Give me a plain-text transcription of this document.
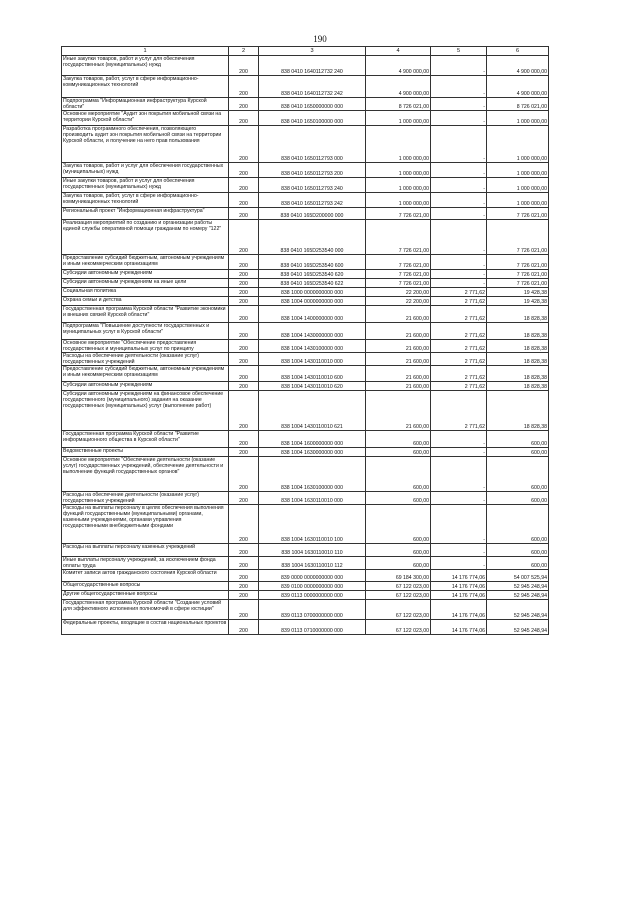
190
1	2	3	4	5	6
Иные закупки товаров, работ и услуг для обеспечения государственных (муниципальных) нужд	200	838 0410 1640112732 240	4 900 000,00	-	4 900 000,00
Закупка товаров, работ, услуг в сфере информационно-коммуникационных технологий	200	838 0410 1640112732 242	4 900 000,00	-	4 900 000,00
Подпрограмма "Информационная инфраструктура Курской области"	200	838 0410 1650000000 000	8 726 021,00	-	8 726 021,00
Основное мероприятие "Аудит зон покрытия мобильной связи на территории Курской области"	200	838 0410 1650100000 000	1 000 000,00	-	1 000 000,00
Разработка программного обеспечения, позволяющего производить аудит зон покрытия мобильной связи на территории Курской области, и получение на него прав пользования	200	838 0410 1650112793 000	1 000 000,00	-	1 000 000,00
Закупка товаров, работ и услуг для обеспечения государственных (муниципальных) нужд	200	838 0410 1650112793 200	1 000 000,00	-	1 000 000,00
Иные закупки товаров, работ и услуг для обеспечения государственных (муниципальных) нужд	200	838 0410 1650112793 240	1 000 000,00	-	1 000 000,00
Закупка товаров, работ, услуг в сфере информационно-коммуникационных технологий	200	838 0410 1650112793 242	1 000 000,00	-	1 000 000,00
Региональный проект "Информационная инфраструктура"	200	838 0410 165D200000 000	7 726 021,00	-	7 726 021,00
Реализация мероприятий по созданию и организации работы единой службы оперативной помощи гражданам по номеру "122"	200	838 0410 165D253540 000	7 726 021,00	-	7 726 021,00
Предоставление субсидий бюджетным, автономным учреждениям и иным некоммерческим организациям	200	838 0410 165D253540 600	7 726 021,00	-	7 726 021,00
Субсидии автономным учреждениям	200	838 0410 165D253540 620	7 726 021,00	-	7 726 021,00
Субсидии автономным учреждениям на иные цели	200	838 0410 165D253540 622	7 726 021,00	-	7 726 021,00
Социальная политика	200	838 1000 0000000000 000	22 200,00	2 771,62	19 428,38
Охрана семьи и детства	200	838 1004 0000000000 000	22 200,00	2 771,62	19 428,38
Государственная программа Курской области "Развитие экономики и внешних связей Курской области"	200	838 1004 1400000000 000	21 600,00	2 771,62	18 828,38
Подпрограмма "Повышение доступности государственных и муниципальных услуг в Курской области"	200	838 1004 1430000000 000	21 600,00	2 771,62	18 828,38
Основное мероприятие "Обеспечение предоставления государственных и муниципальных услуг по принципу	200	838 1004 1430100000 000	21 600,00	2 771,62	18 828,38
Расходы на обеспечение деятельности (оказание услуг) государственных учреждений	200	838 1004 1430110010 000	21 600,00	2 771,62	18 828,38
Предоставление субсидий бюджетным, автономным учреждениям и иным некоммерческим организациям	200	838 1004 1430110010 600	21 600,00	2 771,62	18 828,38
Субсидии автономным учреждениям	200	838 1004 1430110010 620	21 600,00	2 771,62	18 828,38
Субсидии автономным учреждениям на финансовое обеспечение государственного (муниципального) задания на оказание государственных (муниципальных) услуг (выполнение работ)	200	838 1004 1430110010 621	21 600,00	2 771,62	18 828,38
Государственная программа Курской области "Развитие информационного общества в Курской области"	200	838 1004 1600000000 000	600,00	-	600,00
Ведомственные проекты	200	838 1004 1630000000 000	600,00	-	600,00
Основное мероприятие "Обеспечение деятельности (оказание услуг) государственных учреждений, обеспечение деятельности и выполнение функций государственных органов"	200	838 1004 1630100000 000	600,00	-	600,00
Расходы на обеспечение деятельности (оказание услуг) государственных учреждений	200	838 1004 1630110010 000	600,00	-	600,00
Расходы на выплаты персоналу в целях обеспечения выполнения функций государственными (муниципальными) органами, казенными учреждениями, органами управления государственными внебюджетными фондами	200	838 1004 1630110010 100	600,00	-	600,00
Расходы на выплаты персоналу казенных учреждений	200	838 1004 1630110010 110	600,00	-	600,00
Иные выплаты персоналу учреждений, за исключением фонда оплаты труда	200	838 1004 1630110010 112	600,00	-	600,00
Комитет записи актов гражданского состояния Курской области	200	839 0000 0000000000 000	69 184 300,00	14 176 774,06	54 007 525,94
Общегосударственные вопросы	200	839 0100 0000000000 000	67 122 023,00	14 176 774,06	52 945 248,94
Другие общегосударственные вопросы	200	839 0113 0000000000 000	67 122 023,00	14 176 774,06	52 945 248,94
Государственная программа Курской области "Создание условий для эффективного исполнения полномочий в сфере юстиции"	200	839 0113 0700000000 000	67 122 023,00	14 176 774,06	52 945 248,94
Федеральные проекты, входящие в состав национальных проектов	200	839 0113 0710000000 000	67 122 023,00	14 176 774,06	52 945 248,94
